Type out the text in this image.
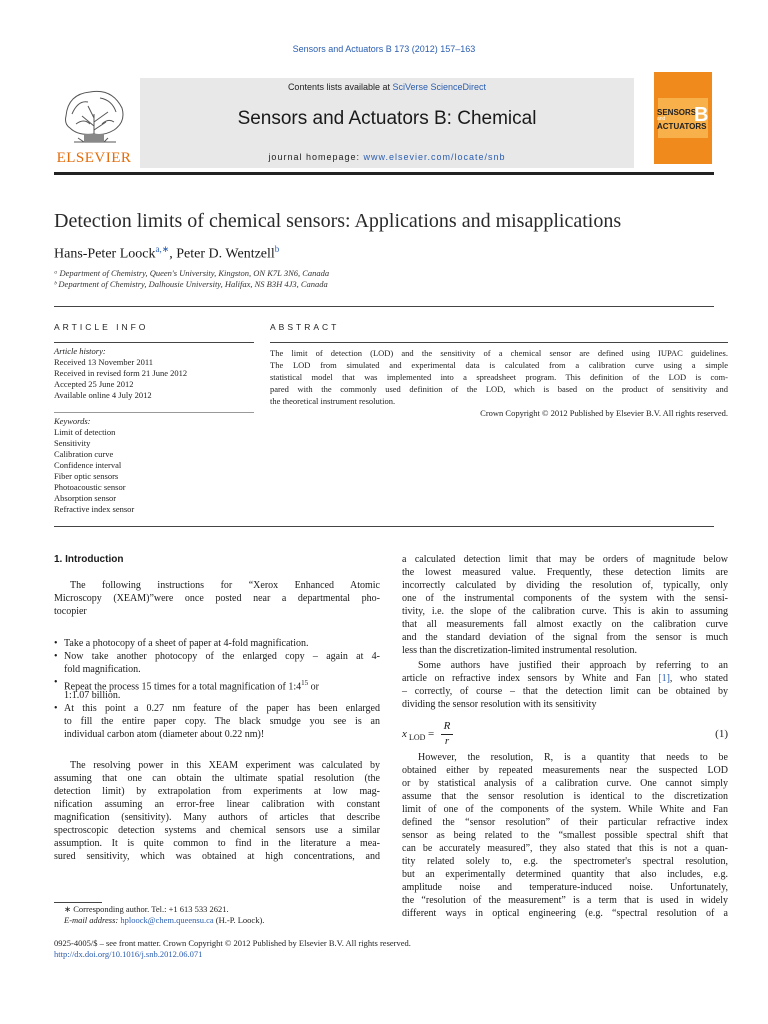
Sensors and Actuators B 173 (2012) 157–163
ELSEVIER
Contents lists available at SciVerse ScienceDirect
Sensors and Actuators B: Chemical
journal homepage: www.elsevier.com/locate/snb
SENSORS
and
ACTUATORS
B
Detection limits of chemical sensors: Applications and misapplications
Hans-Peter Loock$^{a,∗}$, Peter D. Wentzell$^b$
ᵃ Department of Chemistry, Queen's University, Kingston, ON K7L 3N6, Canada
ᵇ Department of Chemistry, Dalhousie University, Halifax, NS B3H 4J3, Canada
ARTICLE INFO
Article history:
Received 13 November 2011
Received in revised form 21 June 2012
Accepted 25 June 2012
Available online 4 July 2012
Keywords:
Limit of detection
Sensitivity
Calibration curve
Confidence interval
Fiber optic sensors
Photoacoustic sensor
Absorption sensor
Refractive index sensor
ABSTRACT
The limit of detection (LOD) and the sensitivity of a chemical sensor are defined using IUPAC guidelines.
The LOD from simulated and experimental data is calculated from a calibration curve using a simple
statistical model that was implemented into a spreadsheet program. This definition of the LOD is com-
pared with the commonly used definition of the LOD, which is based on the product of sensitivity and
the theoretical instrument resolution.
Crown Copyright © 2012 Published by Elsevier B.V. All rights reserved.
1. Introduction
The following instructions for “Xerox Enhanced Atomic
Microscopy (XEAM)”were once posted near a departmental pho-
tocopier
• Take a photocopy of a sheet of paper at 4-fold magnification.
• Now take another photocopy of the enlarged copy – again at 4-
fold magnification.
• Repeat the process 15 times for a total magnification of $1:4^{15}$ or
1:1.07 billion.
• At this point a 0.27 nm feature of the paper has been enlarged
to fill the entire paper copy. The black smudge you see is an
individual carbon atom (diameter about 0.22 nm)!
The resolving power in this XEAM experiment was calculated by
assuming that one can obtain the ultimate spatial resolution (the
detection limit) by extrapolation from experiments at low mag-
nification assuming an error-free linear calibration with constant
magnification (sensitivity). Many authors of articles that describe
spectroscopic detection systems and chemical sensors use a similar
assumption. It is quite common to find in the literature a mea-
sured sensitivity, which was obtained at high concentrations, and
a calculated detection limit that may be orders of magnitude below
the lowest measured value. Frequently, these detection limits are
incorrectly calculated by dividing the resolution of, typically, only
one of the instrumental components of the system with the sensi-
tivity, i.e. the slope of the calibration curve. This is akin to assuming
that all measurements fall almost exactly on the calibration curve
and the standard deviation of the signal from the sensor is much
less than the discretization-limited instrumental resolution.
Some authors have justified their approach by referring to an
article on refractive index sensors by White and Fan [1], who stated
– correctly, of course – that the detection limit can be obtained by
dividing the sensor resolution with its sensitivity
x LOD =
R
r
(1)
However, the resolution, R, is a quantity that needs to be
obtained either by repeated measurements near the suspected LOD
or by statistical analysis of a calibration curve. One cannot simply
assume that the sensor resolution is identical to the discretization
limit of one of the components of the system. While White and Fan
defined the “sensor resolution” of their particular refractive index
sensor as being related to the “smallest possible spectral shift that
can be accurately measured”, they also stated that this is not a quan-
tity related solely to, e.g. the spectrometer's spectral resolution,
but an experimentally determined quantity that also includes, e.g.
amplitude noise and temperature-induced noise. Unfortunately,
the “resolution of the measurement” is a term that is used in widely
different ways in optical engineering (e.g. “spectral resolution of a
∗ Corresponding author. Tel.: +1 613 533 2621.
E-mail address: hploock@chem.queensu.ca (H.-P. Loock).
0925-4005/$ – see front matter. Crown Copyright © 2012 Published by Elsevier B.V. All rights reserved.
http://dx.doi.org/10.1016/j.snb.2012.06.071
